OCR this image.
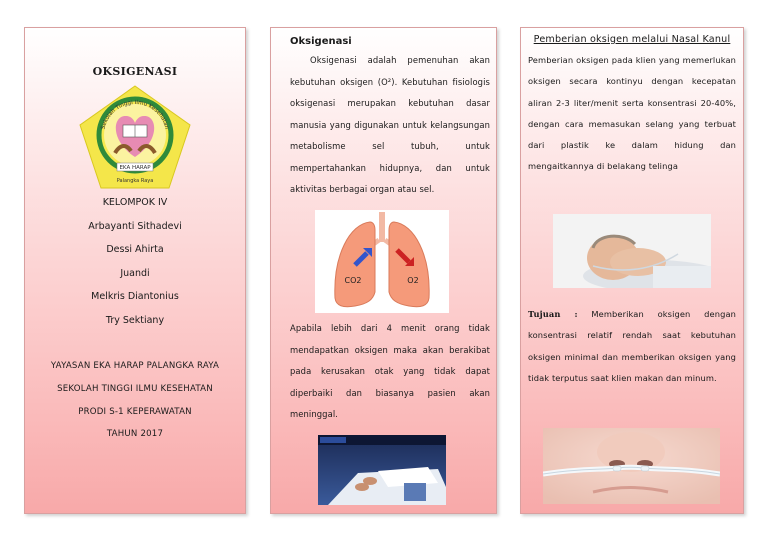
OKSIGENASI
Sekolah Tinggi Ilmu Kesehatan
EKA HARAP
Palangka Raya
KELOMPOK IV
Arbayanti Sithadevi
Dessi Ahirta
Juandi
Melkris Diantonius
Try Sektiany
YAYASAN EKA HARAP PALANGKA RAYA
SEKOLAH TINGGI ILMU KESEHATAN
PRODI S-1 KEPERAWATAN
TAHUN 2017
Oksigenasi
Oksigenasi adalah pemenuhan akan kebutuhan oksigen (O²). Kebutuhan fisiologis oksigenasi merupakan kebutuhan dasar manusia yang digunakan untuk kelangsungan metabolisme sel tubuh, untuk mempertahankan hidupnya, dan untuk aktivitas berbagai organ atau sel.
CO2	O2
Apabila lebih dari 4 menit orang tidak mendapatkan oksigen maka akan berakibat pada kerusakan otak yang tidak dapat diperbaiki dan biasanya pasien akan meninggal.
Pemberian oksigen melalui Nasal Kanul
Pemberian oksigen pada klien yang memerlukan oksigen secara kontinyu dengan kecepatan aliran 2-3 liter/menit serta konsentrasi 20-40%, dengan cara memasukan selang yang terbuat dari plastik ke dalam hidung dan mengaitkannya di belakang telinga
Tujuan : Memberikan oksigen dengan konsentrasi relatif rendah saat kebutuhan oksigen minimal dan memberikan oksigen yang tidak terputus saat klien makan dan minum.
